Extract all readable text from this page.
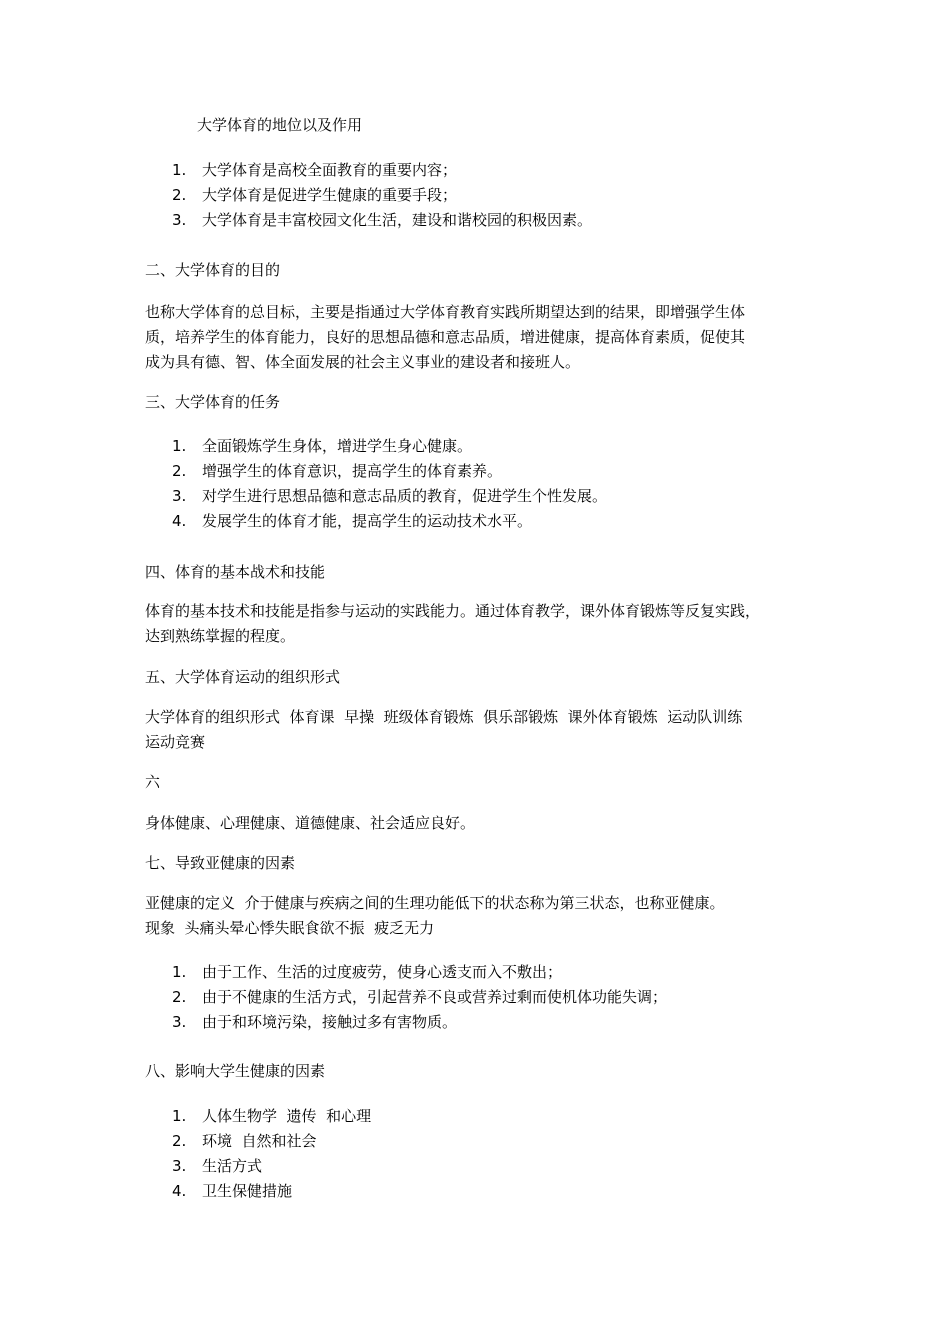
大学体育的地位以及作用
1. 大学体育是高校全面教育的重要内容；
2. 大学体育是促进学生健康的重要手段；
3. 大学体育是丰富校园文化生活，建设和谐校园的积极因素。
二、大学体育的目的
也称大学体育的总目标，主要是指通过大学体育教育实践所期望达到的结果，即增强学生体
质，培养学生的体育能力，良好的思想品德和意志品质，增进健康，提高体育素质，促使其
成为具有德、智、体全面发展的社会主义事业的建设者和接班人。
三、大学体育的任务
1. 全面锻炼学生身体，增进学生身心健康。
2. 增强学生的体育意识，提高学生的体育素养。
3. 对学生进行思想品德和意志品质的教育，促进学生个性发展。
4. 发展学生的体育才能，提高学生的运动技术水平。
四、体育的基本战术和技能
体育的基本技术和技能是指参与运动的实践能力。通过体育教学，课外体育锻炼等反复实践，
达到熟练掌握的程度。
五、大学体育运动的组织形式
大学体育的组织形式  体育课  早操  班级体育锻炼  俱乐部锻炼  课外体育锻炼  运动队训练
运动竞赛
六
身体健康、心理健康、道德健康、社会适应良好。
七、导致亚健康的因素
亚健康的定义  介于健康与疾病之间的生理功能低下的状态称为第三状态，也称亚健康。
现象  头痛头晕心悸失眠食欲不振  疲乏无力
1. 由于工作、生活的过度疲劳，使身心透支而入不敷出；
2. 由于不健康的生活方式，引起营养不良或营养过剩而使机体功能失调；
3. 由于和环境污染，接触过多有害物质。
八、影响大学生健康的因素
1. 人体生物学  遗传  和心理
2. 环境  自然和社会
3. 生活方式
4. 卫生保健措施
